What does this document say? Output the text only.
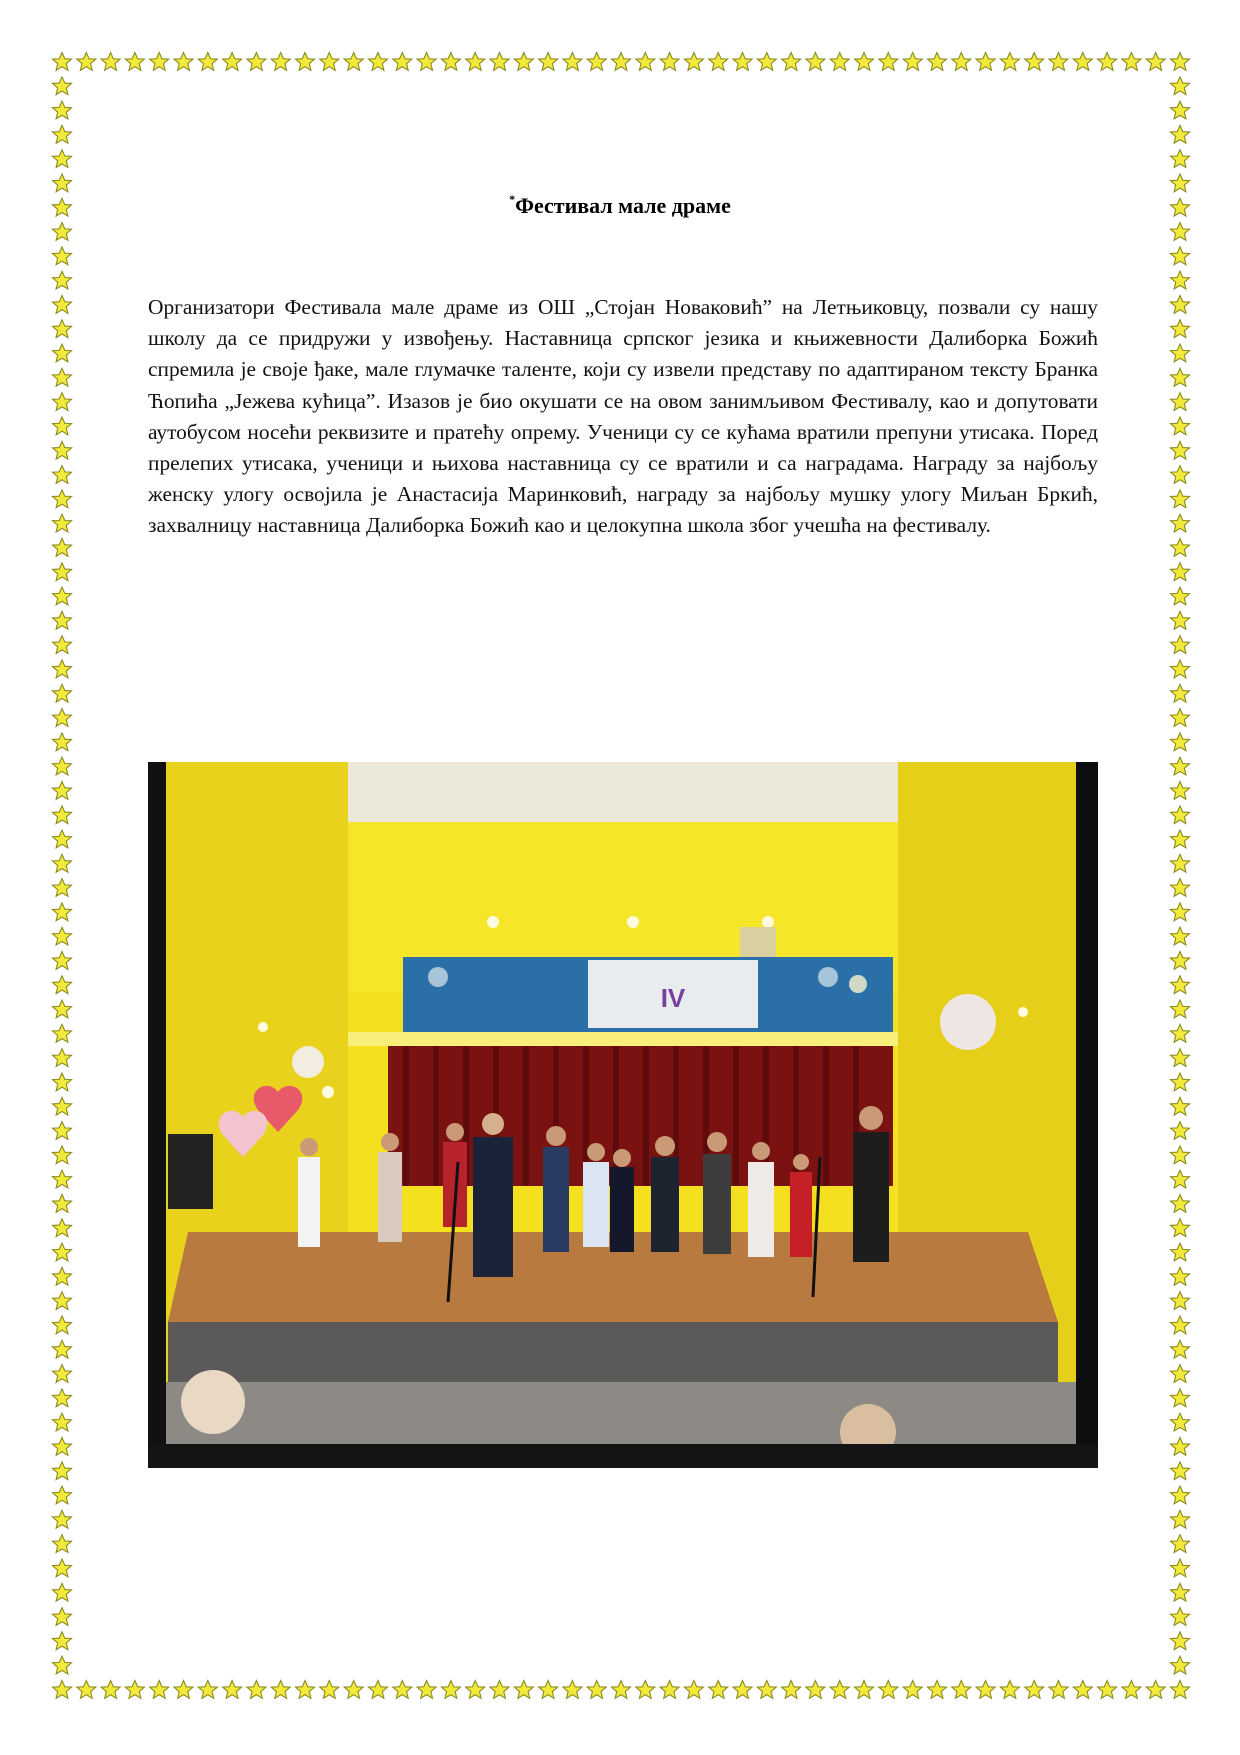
*Фестивал мале драме
Организатори Фестивала мале драме из ОШ „Стојан Новаковић” на Летњиковцу, позвали су нашу школу да се придружи у извођењу. Наставница српског језика и књижевности Далиборка Божић спремила је своје ђаке, мале глумачке таленте, који су извели представу по адаптираном тексту Бранка Ћопића „Јежева кућица”. Изазов је био окушати се на овом занимљивом Фестивалу, као и допутовати аутобусом носећи реквизите и пратећу опрему. Ученици су се кућама вратили препуни утисака. Поред прелепих утисака, ученици и њихова наставница су се вратили и са наградама. Награду за најбољу женску улогу освојила је Анастасија Маринковић, награду за најбољу мушку улогу Миљан Бркић, захвалницу наставница Далиборка Божић као и целокупна школа због учешћа на фестивалу.
IV
